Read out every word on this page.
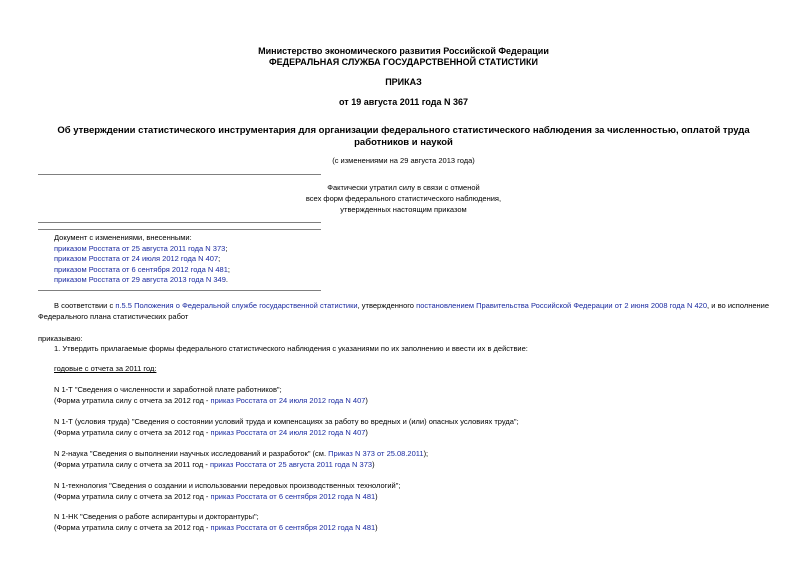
Министерство экономического развития Российской Федерации
ФЕДЕРАЛЬНАЯ СЛУЖБА ГОСУДАРСТВЕННОЙ СТАТИСТИКИ
ПРИКАЗ
от 19 августа 2011 года N 367
Об утверждении статистического инструментария для организации федерального статистического наблюдения за численностью, оплатой труда работников и наукой
(с изменениями на 29 августа 2013 года)
Фактически утратил силу в связи с отменой
всех форм федерального статистического наблюдения,
утвержденных настоящим приказом
Документ с изменениями, внесенными:
приказом Росстата от 25 августа 2011 года N 373;
приказом Росстата от 24 июля 2012 года N 407;
приказом Росстата от 6 сентября 2012 года N 481;
приказом Росстата от 29 августа 2013 года N 349.
В соответствии с п.5.5 Положения о Федеральной службе государственной статистики, утвержденного постановлением Правительства Российской Федерации от 2 июня 2008 года N 420, и во исполнение Федерального плана статистических работ
приказываю:
1. Утвердить прилагаемые формы федерального статистического наблюдения с указаниями по их заполнению и ввести их в действие:
годовые с отчета за 2011 год:
N 1-Т "Сведения о численности и заработной плате работников";
(Форма утратила силу с отчета за 2012 год - приказ Росстата от 24 июля 2012 года N 407)
N 1-Т (условия труда) "Сведения о состоянии условий труда и компенсациях за работу во вредных и (или) опасных условиях труда";
(Форма утратила силу с отчета за 2012 год - приказ Росстата от 24 июля 2012 года N 407)
N 2-наука "Сведения о выполнении научных исследований и разработок" (см. Приказ N 373 от 25.08.2011);
(Форма утратила силу с отчета за 2011 год - приказ Росстата от 25 августа 2011 года N 373)
N 1-технология "Сведения о создании и использовании передовых производственных технологий";
(Форма утратила силу с отчета за 2012 год - приказ Росстата от 6 сентября 2012 года N 481)
N 1-НК "Сведения о работе аспирантуры и докторантуры";
(Форма утратила силу с отчета за 2012 год - приказ Росстата от 6 сентября 2012 года N 481)
